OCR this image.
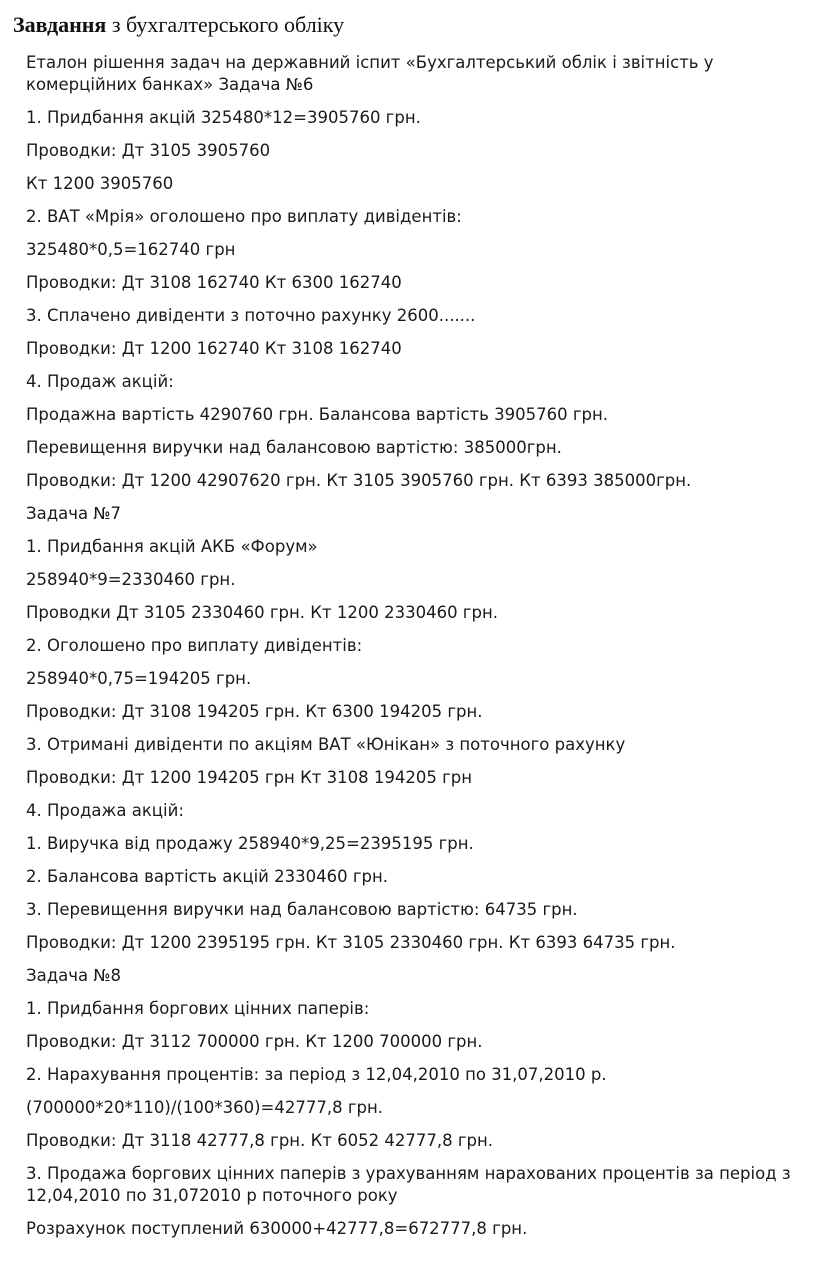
Завдання з бухгалтерського обліку

Еталон рішення задач на державний іспит «Бухгалтерський облік і звітність у комерційних банках» Задача №6

1. Придбання акцій 325480*12=3905760 грн.

Проводки: Дт 3105 3905760

Кт 1200 3905760

2. ВАТ «Мрія» оголошено про виплату дивідентів:

325480*0,5=162740 грн

Проводки: Дт 3108 162740 Кт 6300 162740

3. Сплачено дивіденти з поточно рахунку 2600.......

Проводки: Дт 1200 162740 Кт 3108 162740

4. Продаж акцій:

Продажна вартість 4290760 грн. Балансова вартість 3905760 грн.

Перевищення виручки над балансовою вартістю: 385000грн.

Проводки: Дт 1200 42907620 грн. Кт 3105 3905760 грн. Кт 6393 385000грн.

Задача №7

1. Придбання акцій АКБ «Форум»

258940*9=2330460 грн.

Проводки Дт 3105 2330460 грн. Кт 1200 2330460 грн.

2. Оголошено про виплату дивідентів:

258940*0,75=194205 грн.

Проводки: Дт 3108 194205 грн. Кт 6300 194205 грн.

3. Отримані дивіденти по акціям ВАТ «Юнікан» з поточного рахунку

Проводки: Дт 1200 194205 грн Кт 3108 194205 грн

4. Продажа акцій:

1. Виручка від продажу 258940*9,25=2395195 грн.

2. Балансова вартість акцій 2330460 грн.

3. Перевищення виручки над балансовою вартістю: 64735 грн.

Проводки: Дт 1200 2395195 грн. Кт 3105 2330460 грн. Кт 6393 64735 грн.

Задача №8

1. Придбання боргових цінних паперів:

Проводки: Дт 3112 700000 грн. Кт 1200 700000 грн.

2. Нарахування процентів: за період з 12,04,2010 по 31,07,2010 р.

(700000*20*110)/(100*360)=42777,8 грн.

Проводки: Дт 3118 42777,8 грн. Кт 6052 42777,8 грн.

3. Продажа боргових цінних паперів з урахуванням нарахованих процентів за період з 12,04,2010 по 31,072010 р поточного року

Розрахунок поступлений 630000+42777,8=672777,8 грн.
